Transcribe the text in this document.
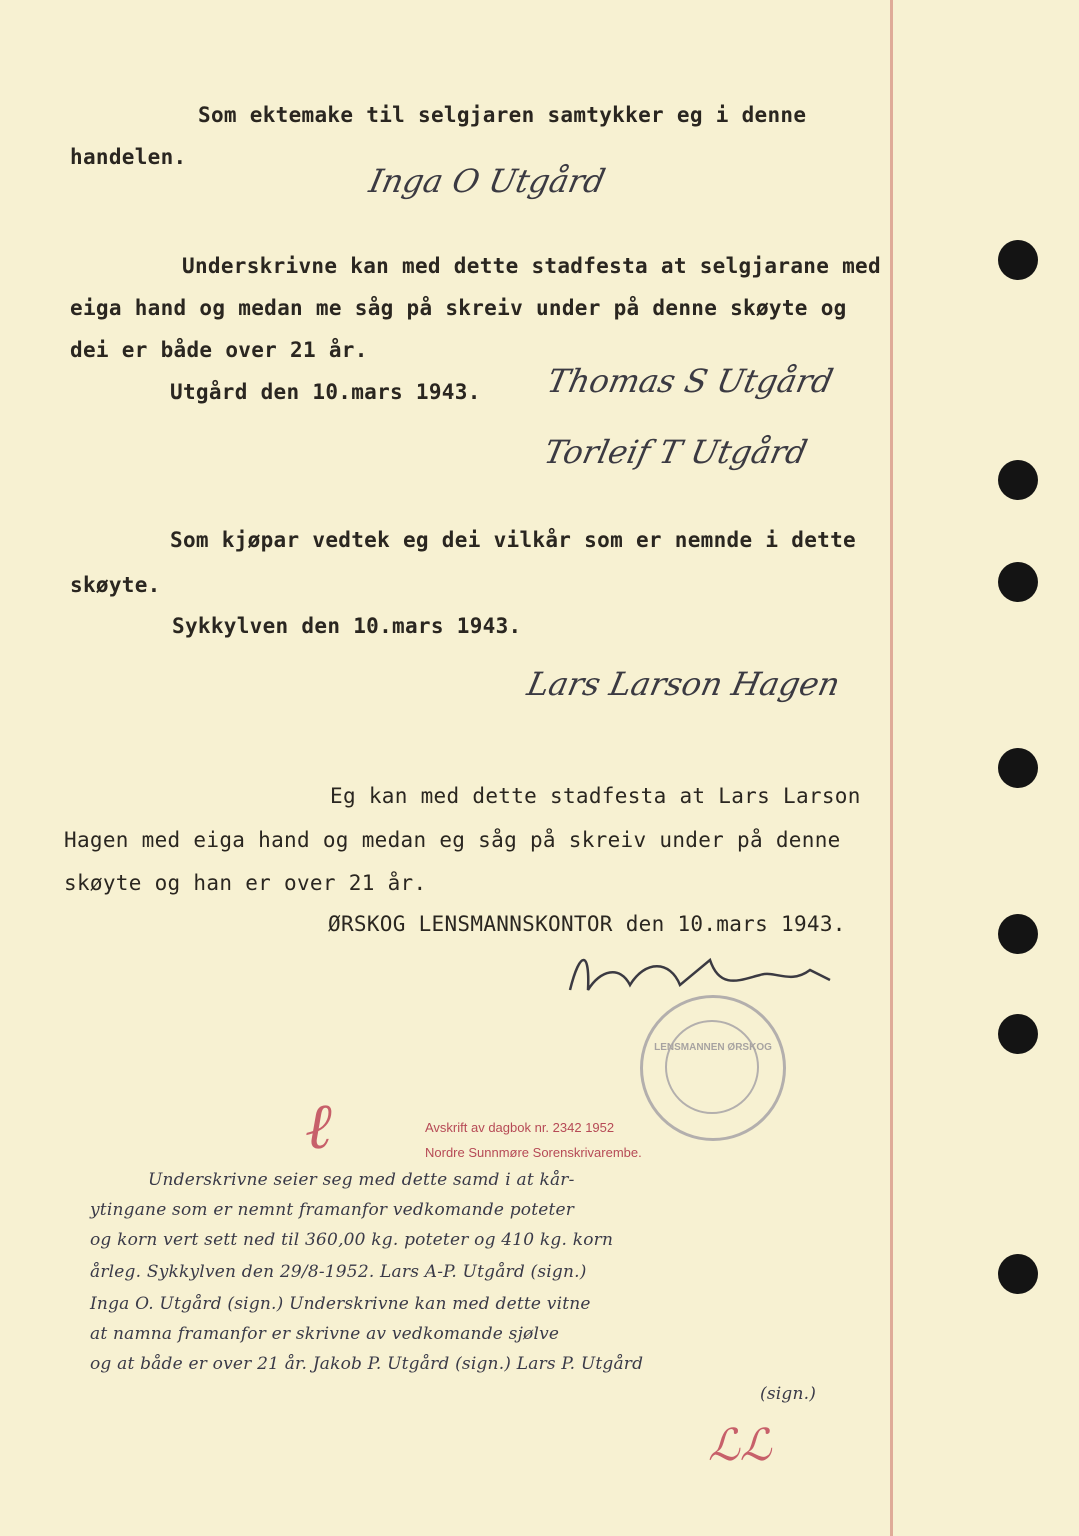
Som ektemake til selgjaren samtykker eg i denne
handelen.
Inga O Utgård
Underskrivne kan med dette stadfesta at selgjarane med
eiga hand og medan me såg på skreiv under på denne skøyte og
dei er både over 21 år.
Utgård den 10.mars 1943. Thomas S Utgård
Torleif T Utgård
Som kjøpar vedtek eg dei vilkår som er nemnde i dette
skøyte.
Sykkylven den 10.mars 1943.
Lars Larson Hagen
Eg kan med dette stadfesta at Lars Larson
Hagen med eiga hand og medan eg såg på skreiv under på denne
skøyte og han er over 21 år.
ØRSKOG LENSMANNSKONTOR den 10.mars 1943.
LENSMANNEN ØRSKOG
ℓ	Avskrift av dagbok nr. 2342 1952
Nordre Sunnmøre Sorenskrivarembe.
Underskrivne seier seg med dette samd i at kår-
ytingane som er nemnt framanfor vedkomande poteter
og korn vert sett ned til 360,00 kg. poteter og 410 kg. korn
årleg. Sykkylven den 29/8-1952. Lars A-P. Utgård (sign.)
Inga O. Utgård (sign.) Underskrivne kan med dette vitne
at namna framanfor er skrivne av vedkomande sjølve
og at både er over 21 år. Jakob P. Utgård (sign.) Lars P. Utgård
(sign.)
ℒℒ
